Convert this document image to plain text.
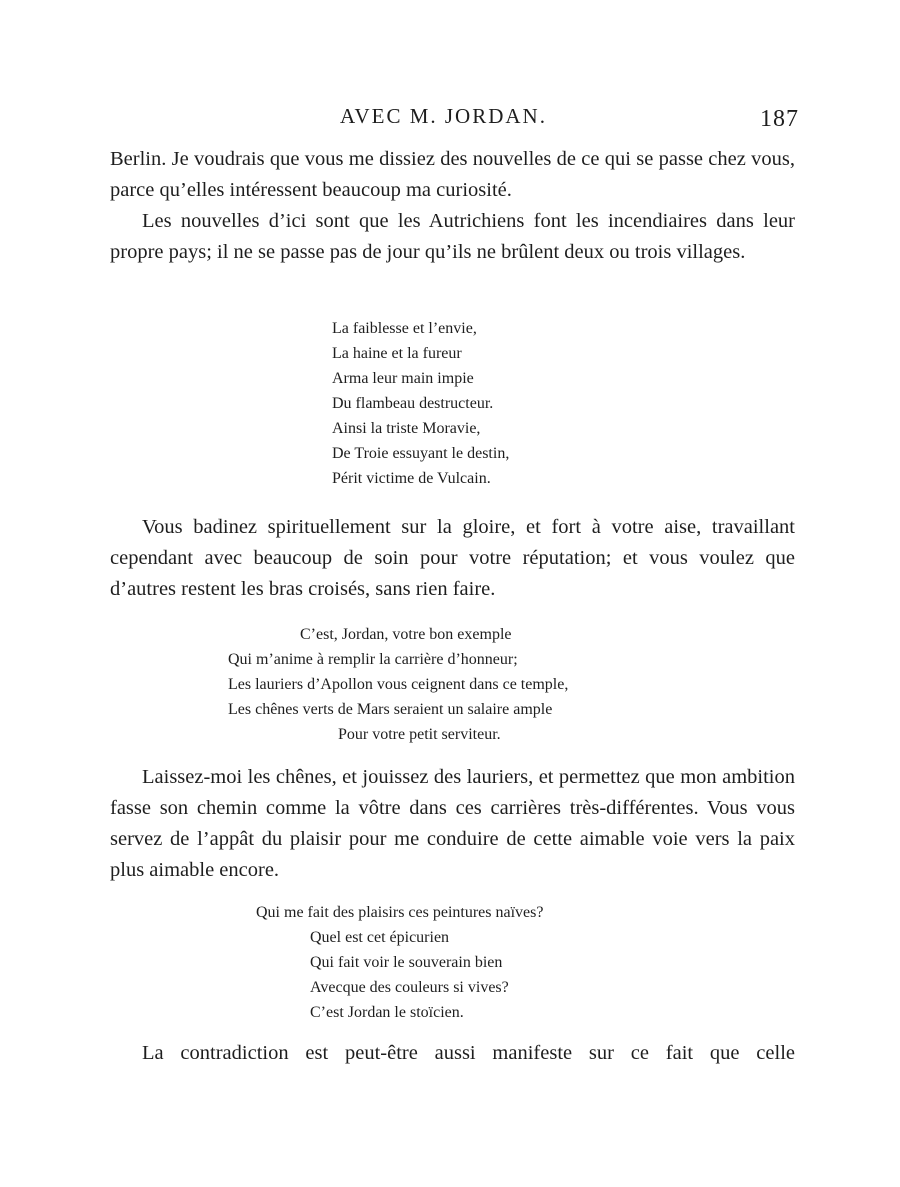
AVEC M. JORDAN.	187

Berlin. Je voudrais que vous me dissiez des nouvelles de ce qui se passe chez vous, parce qu’elles intéressent beaucoup ma curiosité.

Les nouvelles d’ici sont que les Autrichiens font les incendiaires dans leur propre pays; il ne se passe pas de jour qu’ils ne brûlent deux ou trois villages.

La faiblesse et l’envie,
La haine et la fureur
Arma leur main impie
Du flambeau destructeur.
Ainsi la triste Moravie,
De Troie essuyant le destin,
Périt victime de Vulcain.

Vous badinez spirituellement sur la gloire, et fort à votre aise, travaillant cependant avec beaucoup de soin pour votre réputation; et vous voulez que d’autres restent les bras croisés, sans rien faire.

C’est, Jordan, votre bon exemple
Qui m’anime à remplir la carrière d’honneur;
Les lauriers d’Apollon vous ceignent dans ce temple,
Les chênes verts de Mars seraient un salaire ample
Pour votre petit serviteur.

Laissez-moi les chênes, et jouissez des lauriers, et permettez que mon ambition fasse son chemin comme la vôtre dans ces carrières très-différentes. Vous vous servez de l’appât du plaisir pour me conduire de cette aimable voie vers la paix plus aimable encore.

Qui me fait des plaisirs ces peintures naïves?
Quel est cet épicurien
Qui fait voir le souverain bien
Avecque des couleurs si vives?
C’est Jordan le stoïcien.

La contradiction est peut-être aussi manifeste sur ce fait que celle
